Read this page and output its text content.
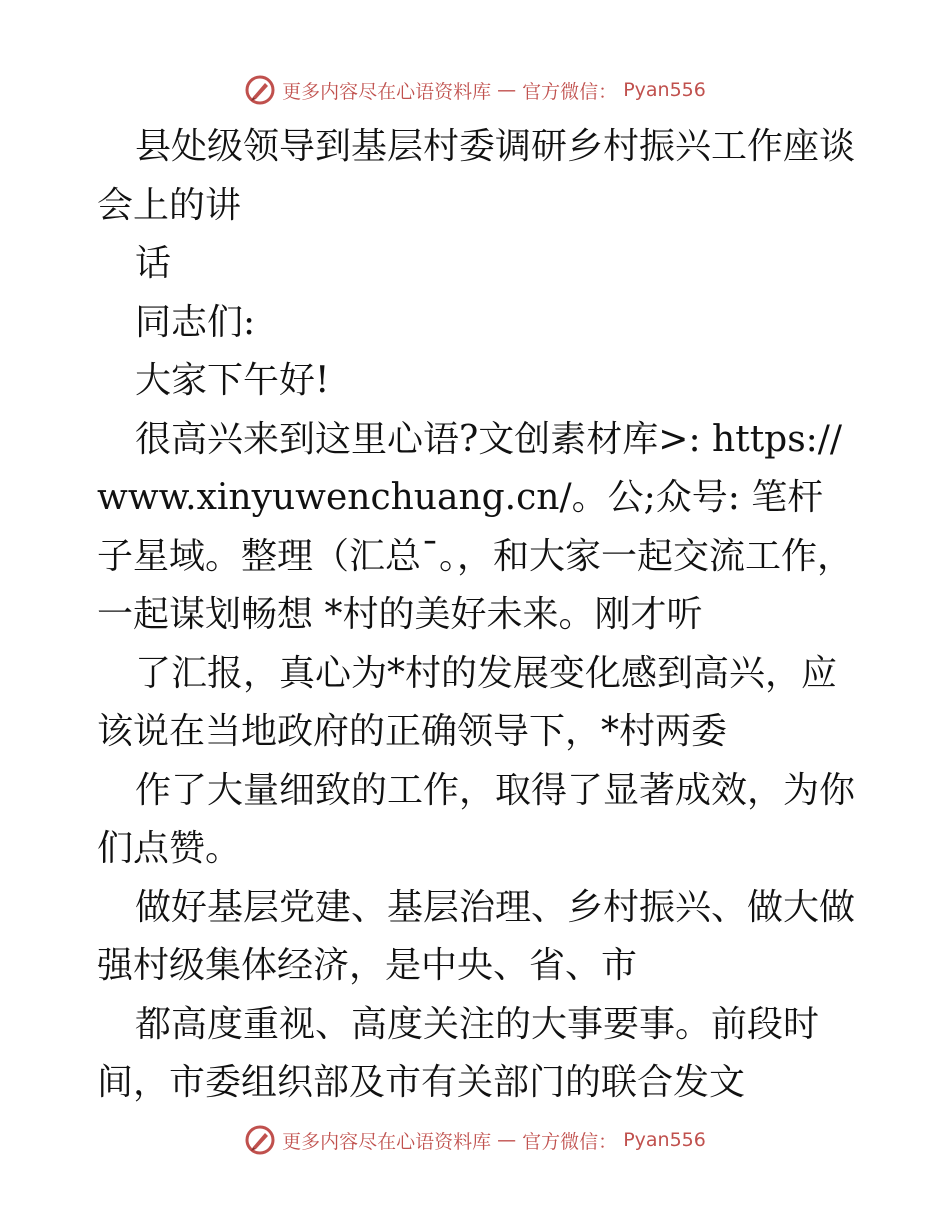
更多内容尽在心语资料库 — 官方微信： Pyan556

县处级领导到基层村委调研乡村振兴工作座谈会上的讲

话

同志们:

大家下午好!

很高兴来到这里心语?文创素材库>: https://www.xinyuwenchuang.cn/。公;众号: 笔杆子星域。整理（汇总¯。，和大家一起交流工作，一起谋划畅想 *村的美好未来。刚才听

了汇报，真心为*村的发展变化感到高兴，应该说在当地政府的正确领导下，*村两委

作了大量细致的工作，取得了显著成效，为你们点赞。

做好基层党建、基层治理、乡村振兴、做大做强村级集体经济，是中央、省、市

都高度重视、高度关注的大事要事。前段时间，市委组织部及市有关部门的联合发文

更多内容尽在心语资料库 — 官方微信： Pyan556
